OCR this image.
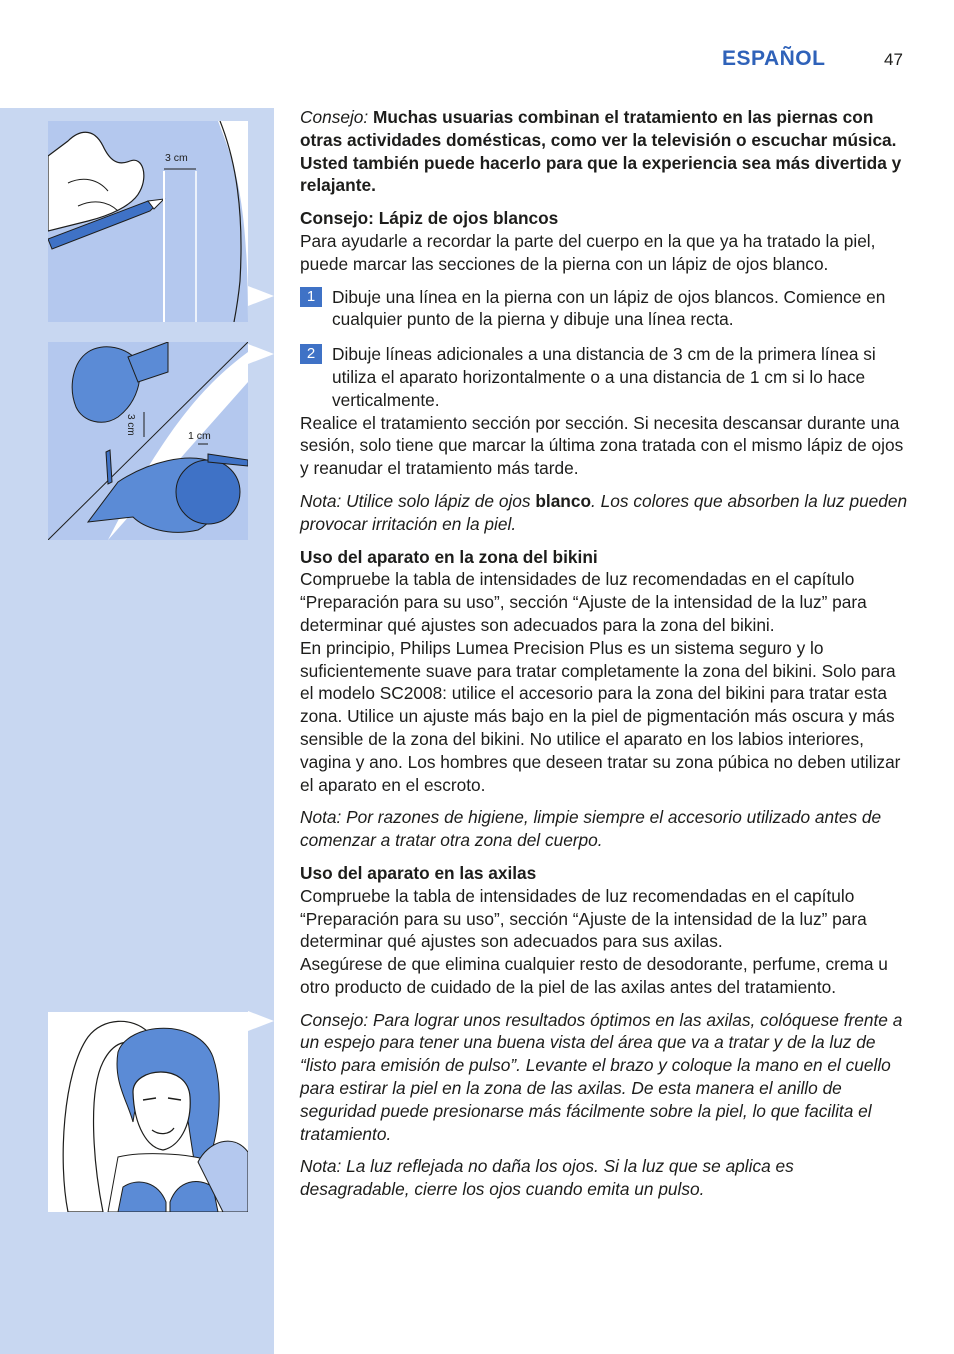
ESPAÑOL	47
3 cm
3 cm
1 cm

Consejo: Muchas usuarias combinan el tratamiento en las piernas con otras actividades domésticas, como ver la televisión o escuchar música. Usted también puede hacerlo para que la experiencia sea más divertida y relajante.

Consejo: Lápiz de ojos blancos

Para ayudarle a recordar la parte del cuerpo en la que ya ha tratado la piel, puede marcar las secciones de la pierna con un lápiz de ojos blanco.

1 Dibuje una línea en la pierna con un lápiz de ojos blancos. Comience en cualquier punto de la pierna y dibuje una línea recta.
2 Dibuje líneas adicionales a una distancia de 3 cm de la primera línea si utiliza el aparato horizontalmente o a una distancia de 1 cm si lo hace verticalmente.

Realice el tratamiento sección por sección. Si necesita descansar durante una sesión, solo tiene que marcar la última zona tratada con el mismo lápiz de ojos y reanudar el tratamiento más tarde.

Nota: Utilice solo lápiz de ojos blanco. Los colores que absorben la luz pueden provocar irritación en la piel.

Uso del aparato en la zona del bikini

Compruebe la tabla de intensidades de luz recomendadas en el capítulo “Preparación para su uso”, sección “Ajuste de la intensidad de la luz” para determinar qué ajustes son adecuados para la zona del bikini.

En principio, Philips Lumea Precision Plus es un sistema seguro y lo suficientemente suave para tratar completamente la zona del bikini. Solo para el modelo SC2008: utilice el accesorio para la zona del bikini para tratar esta zona. Utilice un ajuste más bajo en la piel de pigmentación más oscura y más sensible de la zona del bikini. No utilice el aparato en los labios interiores, vagina y ano. Los hombres que deseen tratar su zona púbica no deben utilizar el aparato en el escroto.

Nota: Por razones de higiene, limpie siempre el accesorio utilizado antes de comenzar a tratar otra zona del cuerpo.

Uso del aparato en las axilas

Compruebe la tabla de intensidades de luz recomendadas en el capítulo “Preparación para su uso”, sección “Ajuste de la intensidad de la luz” para determinar qué ajustes son adecuados para sus axilas.

Asegúrese de que elimina cualquier resto de desodorante, perfume, crema u otro producto de cuidado de la piel de las axilas antes del tratamiento.

Consejo: Para lograr unos resultados óptimos en las axilas, colóquese frente a un espejo para tener una buena vista del área que va a tratar y de la luz de “listo para emisión de pulso”. Levante el brazo y coloque la mano en el cuello para estirar la piel en la zona de las axilas. De esta manera el anillo de seguridad puede presionarse más fácilmente sobre la piel, lo que facilita el tratamiento.

Nota: La luz reflejada no daña los ojos. Si la luz que se aplica es desagradable, cierre los ojos cuando emita un pulso.
